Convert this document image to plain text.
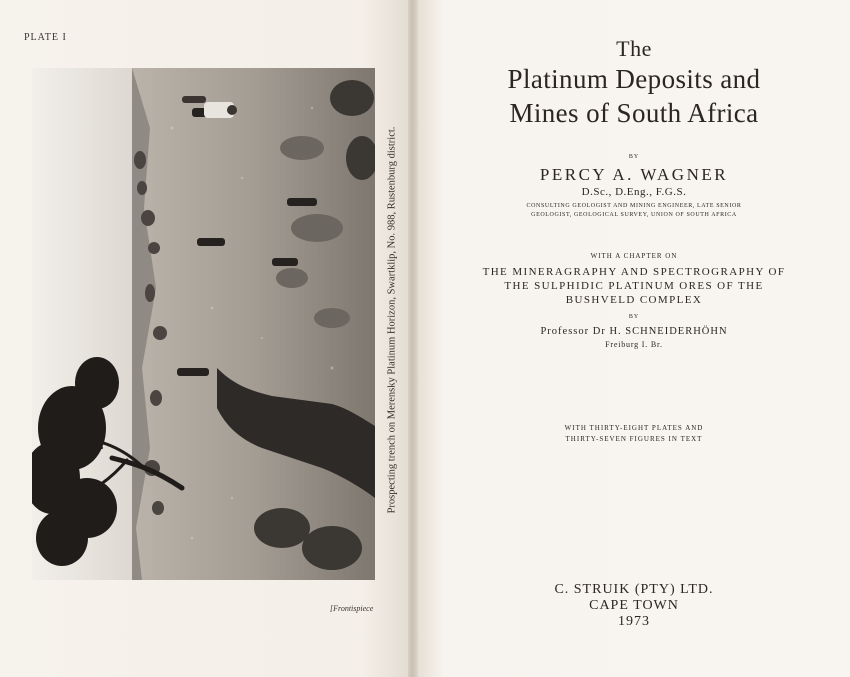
PLATE I
Prospecting trench on Merensky Platinum Horizon, Swartklip, No. 988, Rustenburg district.
[Frontispiece
The
Platinum Deposits and
Mines of South Africa
BY
PERCY A. WAGNER
D.Sc., D.Eng., F.G.S.
CONSULTING GEOLOGIST AND MINING ENGINEER, LATE SENIOR
GEOLOGIST, GEOLOGICAL SURVEY, UNION OF SOUTH AFRICA
WITH A CHAPTER ON
THE MINERAGRAPHY AND SPECTROGRAPHY OF
THE SULPHIDIC PLATINUM ORES OF THE
BUSHVELD COMPLEX
BY
Professor Dr H. SCHNEIDERHÖHN
Freiburg I. Br.
WITH THIRTY-EIGHT PLATES AND
THIRTY-SEVEN FIGURES IN TEXT
C. STRUIK (PTY) LTD.
CAPE TOWN
1973
